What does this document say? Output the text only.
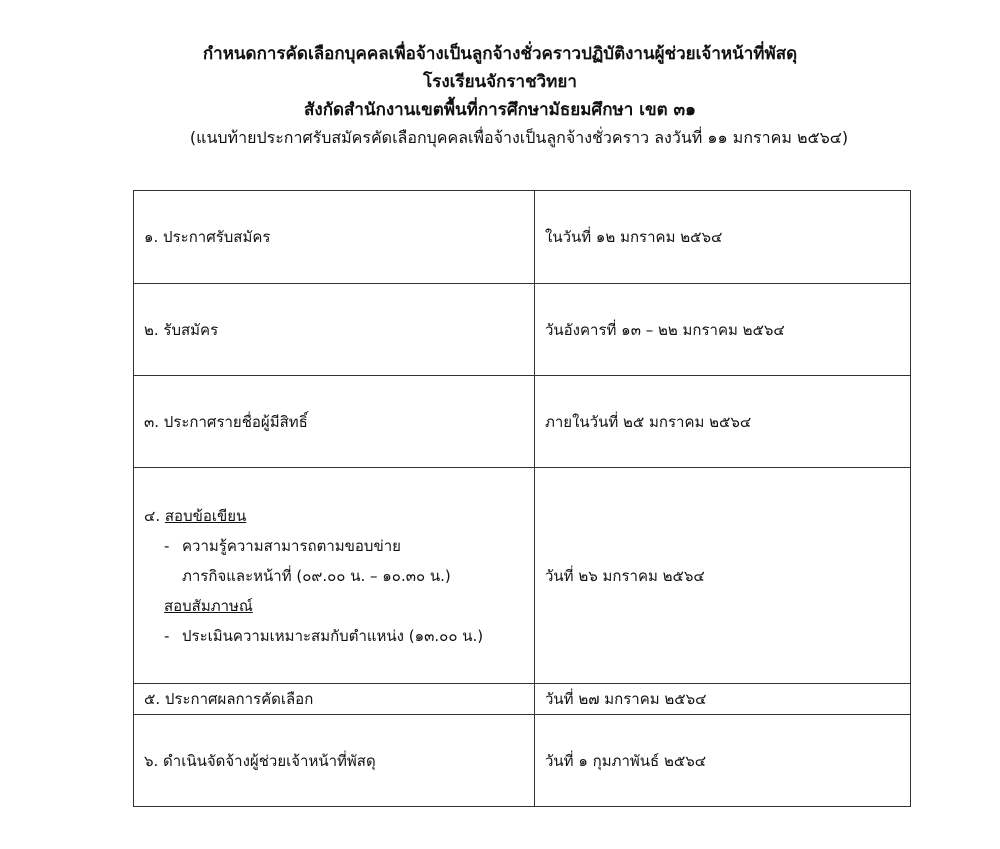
กำหนดการคัดเลือกบุคคลเพื่อจ้างเป็นลูกจ้างชั่วคราวปฏิบัติงานผู้ช่วยเจ้าหน้าที่พัสดุ
โรงเรียนจักราชวิทยา
สังกัดสำนักงานเขตพื้นที่การศึกษามัธยมศึกษา เขต ๓๑
(แนบท้ายประกาศรับสมัครคัดเลือกบุคคลเพื่อจ้างเป็นลูกจ้างชั่วคราว ลงวันที่ ๑๑ มกราคม ๒๕๖๔)
๑. ประกาศรับสมัคร	ในวันที่ ๑๒ มกราคม ๒๕๖๔
๒. รับสมัคร	วันอังคารที่ ๑๓ – ๒๒ มกราคม ๒๕๖๔
๓. ประกาศรายชื่อผู้มีสิทธิ์	ภายในวันที่ ๒๕ มกราคม ๒๕๖๔

๔. สอบข้อเขียน
- ความรู้ความสามารถตามขอบข่าย
ภารกิจและหน้าที่ (๐๙.๐๐ น. – ๑๐.๓๐ น.)
สอบสัมภาษณ์
- ประเมินความเหมาะสมกับตำแหน่ง (๑๓.๐๐ น.)	วันที่ ๒๖ มกราคม ๒๕๖๔
๕. ประกาศผลการคัดเลือก	วันที่ ๒๗ มกราคม ๒๕๖๔
๖. ดำเนินจัดจ้างผู้ช่วยเจ้าหน้าที่พัสดุ	วันที่ ๑ กุมภาพันธ์ ๒๕๖๔
